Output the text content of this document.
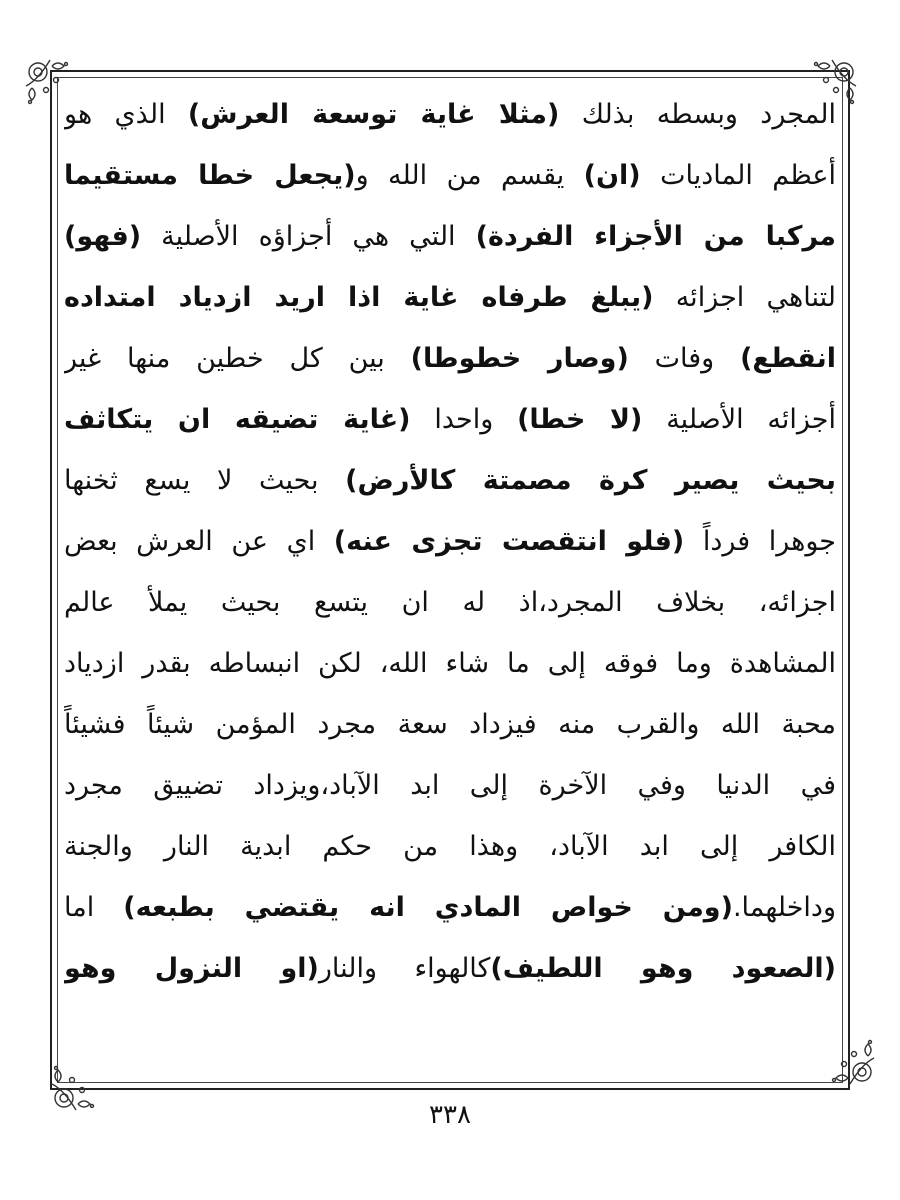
المجرد وبسطه بذلك (مثلا غاية توسعة العرش) الذي هو
أعظم الماديات (ان) يقسم من الله و(يجعل خطا مستقيما
مركبا من الأجزاء الفردة) التي هي أجزاؤه الأصلية (فهو)
لتناهي اجزائه (يبلغ طرفاه غاية اذا اريد ازدياد امتداده
انقطع) وفات (وصار خطوطا) بين كل خطين منها غير
أجزائه الأصلية (لا خطا) واحدا (غاية تضيقه ان يتكاثف
بحيث يصير كرة مصمتة كالأرض) بحيث لا يسع ثخنها
جوهرا فرداً (فلو انتقصت تجزى عنه) اي عن العرش بعض
اجزائه، بخلاف المجرد،اذ له ان يتسع بحيث يملأ عالم
المشاهدة وما فوقه إلى ما شاء الله، لكن انبساطه بقدر ازدياد
محبة الله والقرب منه فيزداد سعة مجرد المؤمن شيئاً فشيئاً
في الدنيا وفي الآخرة إلى ابد الآباد،ويزداد تضييق مجرد
الكافر إلى ابد الآباد، وهذا من حكم ابدية النار والجنة
وداخلهما.(ومن خواص المادي انه يقتضي بطبعه) اما
(الصعود وهو اللطيف)كالهواء والنار(او النزول وهو
٣٣٨
